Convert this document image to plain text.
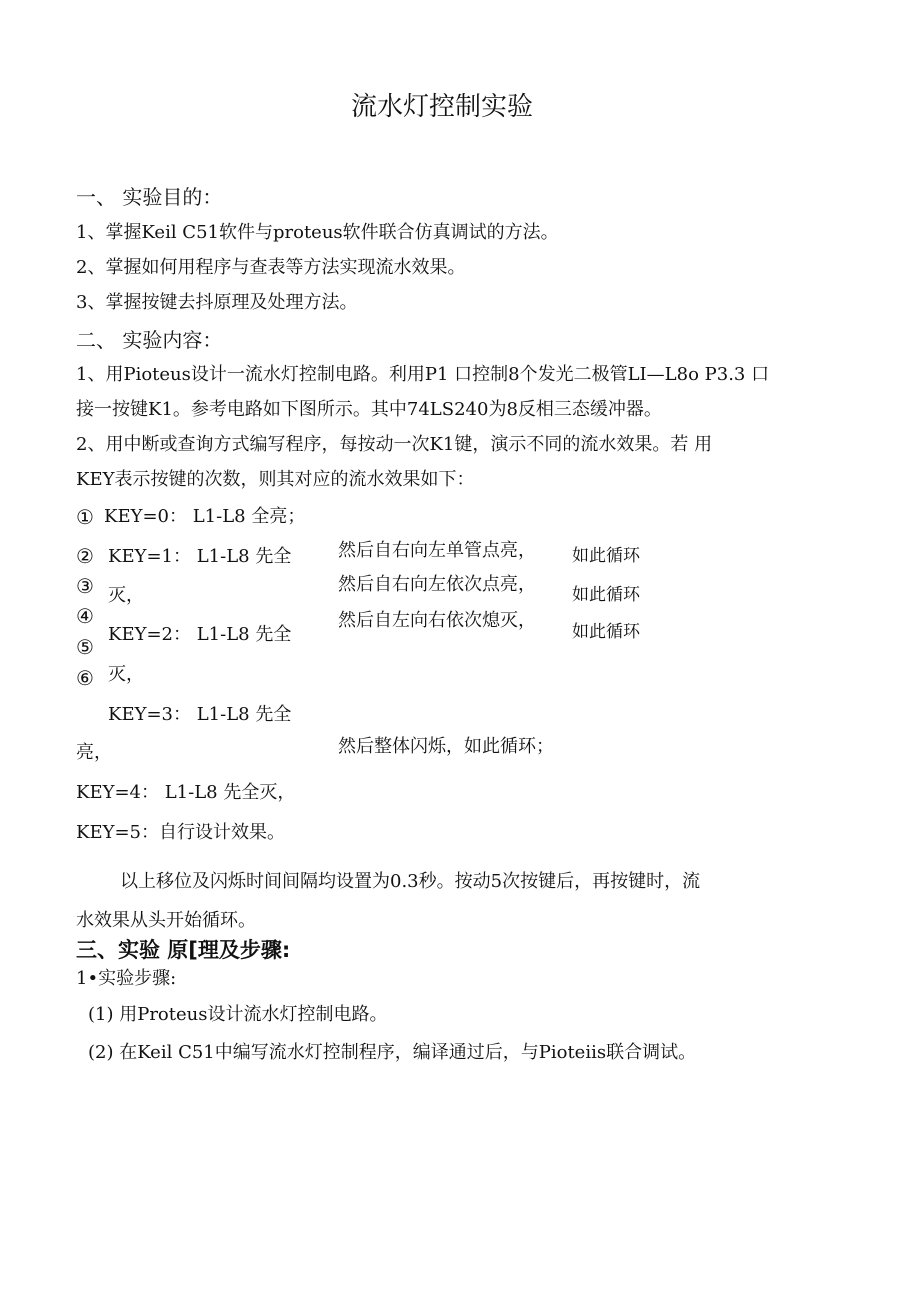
流水灯控制实验
一、 实验目的：
1、掌握Keil C51软件与proteus软件联合仿真调试的方法。
2、掌握如何用程序与查表等方法实现流水效果。
3、掌握按键去抖原理及处理方法。
二、 实验内容：
1、用Pioteus设计一流水灯控制电路。利用P1 口控制8个发光二极管LI—L8o P3.3 口
接一按键K1。参考电路如下图所示。其中74LS240为8反相三态缓冲器。
2、用中断或查询方式编写程序，每按动一次K1键，演示不同的流水效果。若 用
KEY表示按键的次数，则其对应的流水效果如下：
① KEY=0： L1-L8 全亮；
②
③
④
⑤
⑥
KEY=1： L1-L8 先全
灭，
KEY=2： L1-L8 先全
灭，
KEY=3： L1-L8 先全
亮，
KEY=4： L1-L8 先全灭，
KEY=5：自行设计效果。
然后自右向左单管点亮，
然后自右向左依次点亮，
然后自左向右依次熄灭，
然后整体闪烁，如此循环；
如此循环
如此循环
如此循环
以上移位及闪烁时间间隔均设置为0.3秒。按动5次按键后，再按键时，流
水效果从头开始循环。
三、实验 原[理及步骤:
1•实验步骤:
(1) 用Proteus设计流水灯控制电路。
(2) 在Keil C51中编写流水灯控制程序，编译通过后，与Pioteiis联合调试。
